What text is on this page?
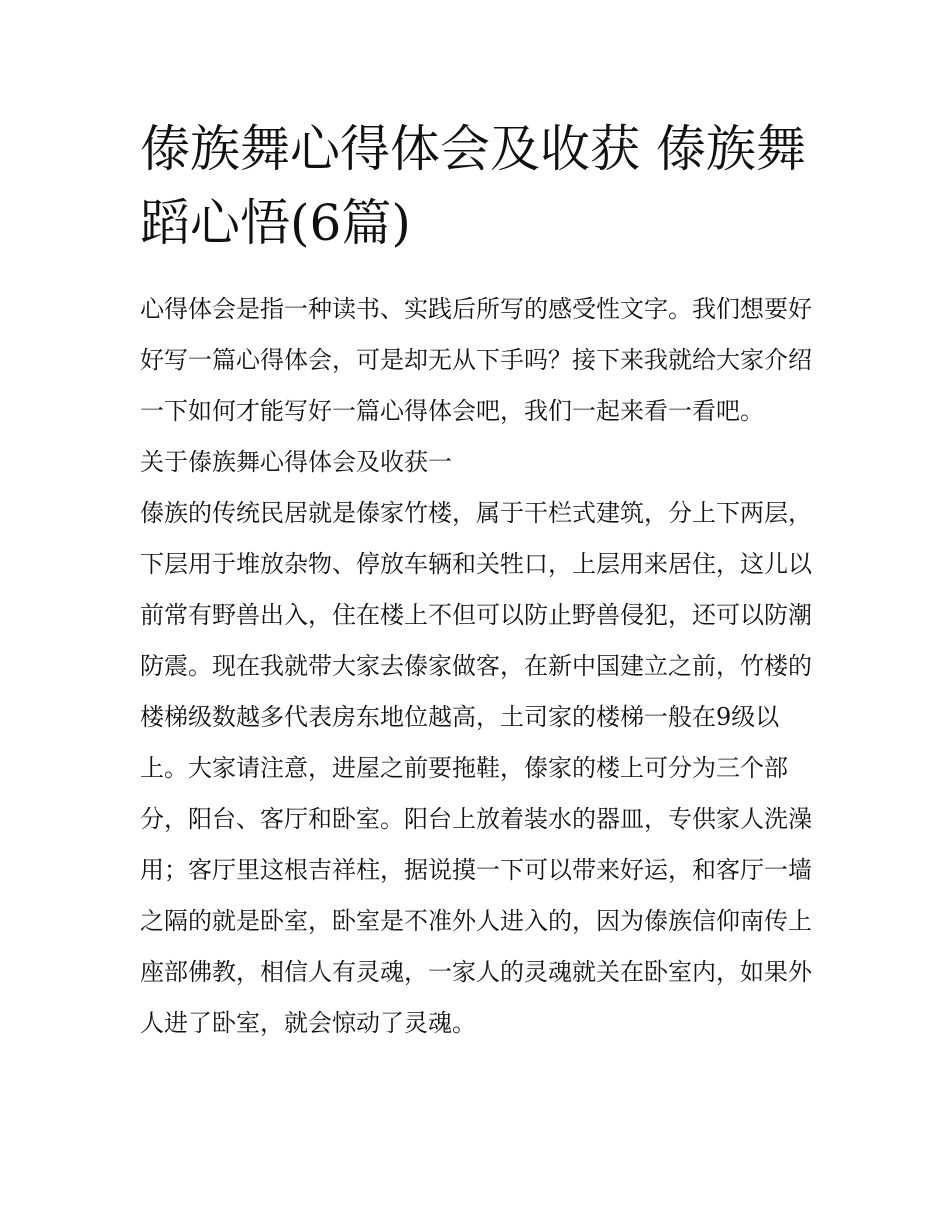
傣族舞心得体会及收获 傣族舞蹈心悟(6篇)

心得体会是指一种读书、实践后所写的感受性文字。我们想要好好写一篇心得体会，可是却无从下手吗？接下来我就给大家介绍一下如何才能写好一篇心得体会吧，我们一起来看一看吧。

关于傣族舞心得体会及收获一

傣族的传统民居就是傣家竹楼，属于干栏式建筑，分上下两层，下层用于堆放杂物、停放车辆和关牲口，上层用来居住，这儿以前常有野兽出入，住在楼上不但可以防止野兽侵犯，还可以防潮防震。现在我就带大家去傣家做客，在新中国建立之前，竹楼的楼梯级数越多代表房东地位越高，土司家的楼梯一般在9级以上。大家请注意，进屋之前要拖鞋，傣家的楼上可分为三个部分，阳台、客厅和卧室。阳台上放着装水的器皿，专供家人洗澡用；客厅里这根吉祥柱，据说摸一下可以带来好运，和客厅一墙之隔的就是卧室，卧室是不准外人进入的，因为傣族信仰南传上座部佛教，相信人有灵魂，一家人的灵魂就关在卧室内，如果外人进了卧室，就会惊动了灵魂。
